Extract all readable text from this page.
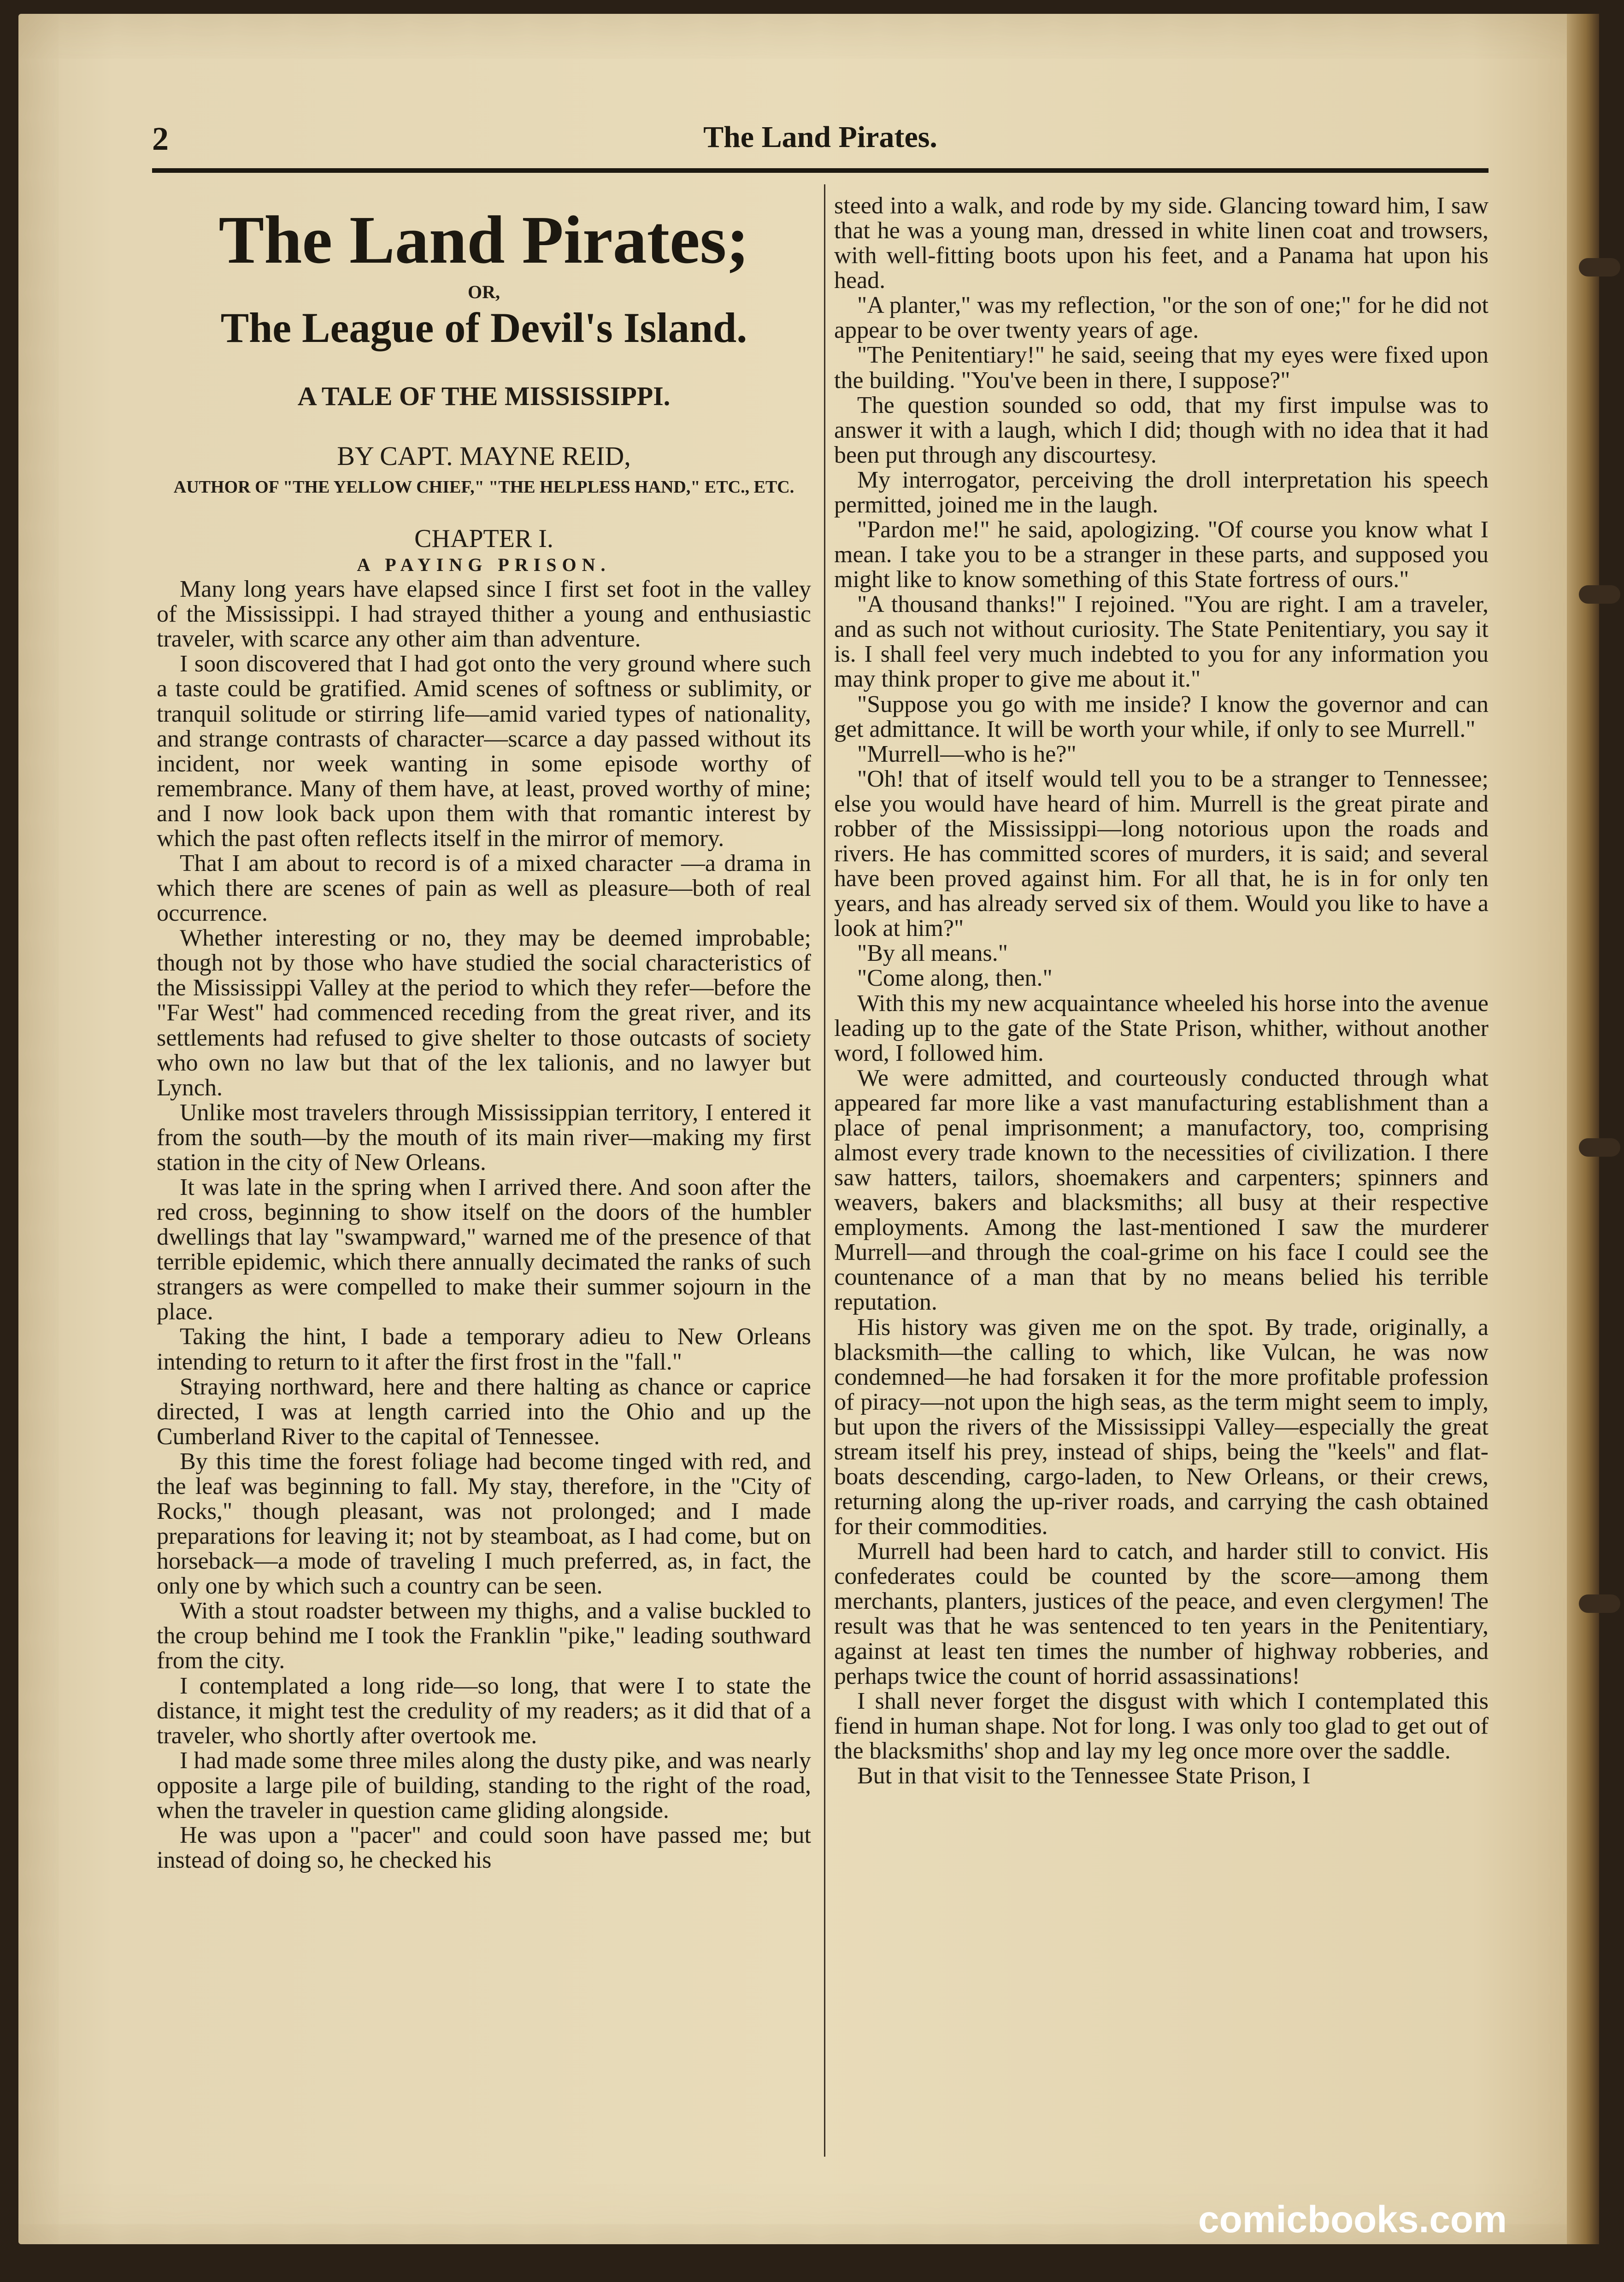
2	The Land Pirates.
The Land Pirates;
OR,
The League of Devil's Island.
A TALE OF THE MISSISSIPPI.
BY CAPT. MAYNE REID,
AUTHOR OF "THE YELLOW CHIEF," "THE HELPLESS HAND," ETC., ETC.
CHAPTER I.
A PAYING PRISON.

Many long years have elapsed since I first set foot in the valley of the Mississippi. I had strayed thither a young and enthusiastic traveler, with scarce any other aim than adventure.

I soon discovered that I had got onto the very ground where such a taste could be gratified. Amid scenes of softness or sublimity, or tranquil solitude or stirring life—amid varied types of nationality, and strange contrasts of character—scarce a day passed without its incident, nor week wanting in some episode worthy of remembrance. Many of them have, at least, proved worthy of mine; and I now look back upon them with that romantic interest by which the past often reflects itself in the mirror of memory.

That I am about to record is of a mixed character —a drama in which there are scenes of pain as well as pleasure—both of real occurrence.

Whether interesting or no, they may be deemed improbable; though not by those who have studied the social characteristics of the Mississippi Valley at the period to which they refer—before the "Far West" had commenced receding from the great river, and its settlements had refused to give shelter to those outcasts of society who own no law but that of the lex talionis, and no lawyer but Lynch.

Unlike most travelers through Mississippian territory, I entered it from the south—by the mouth of its main river—making my first station in the city of New Orleans.

It was late in the spring when I arrived there. And soon after the red cross, beginning to show itself on the doors of the humbler dwellings that lay "swampward," warned me of the presence of that terrible epidemic, which there annually decimated the ranks of such strangers as were compelled to make their summer sojourn in the place.

Taking the hint, I bade a temporary adieu to New Orleans intending to return to it after the first frost in the "fall."

Straying northward, here and there halting as chance or caprice directed, I was at length carried into the Ohio and up the Cumberland River to the capital of Tennessee.

By this time the forest foliage had become tinged with red, and the leaf was beginning to fall. My stay, therefore, in the "City of Rocks," though pleasant, was not prolonged; and I made preparations for leaving it; not by steamboat, as I had come, but on horseback—a mode of traveling I much preferred, as, in fact, the only one by which such a country can be seen.

With a stout roadster between my thighs, and a valise buckled to the croup behind me I took the Franklin "pike," leading southward from the city.

I contemplated a long ride—so long, that were I to state the distance, it might test the credulity of my readers; as it did that of a traveler, who shortly after overtook me.

I had made some three miles along the dusty pike, and was nearly opposite a large pile of building, standing to the right of the road, when the traveler in question came gliding alongside.

He was upon a "pacer" and could soon have passed me; but instead of doing so, he checked his

steed into a walk, and rode by my side. Glancing toward him, I saw that he was a young man, dressed in white linen coat and trowsers, with well-fitting boots upon his feet, and a Panama hat upon his head.

"A planter," was my reflection, "or the son of one;" for he did not appear to be over twenty years of age.

"The Penitentiary!" he said, seeing that my eyes were fixed upon the building. "You've been in there, I suppose?"

The question sounded so odd, that my first impulse was to answer it with a laugh, which I did; though with no idea that it had been put through any discourtesy.

My interrogator, perceiving the droll interpretation his speech permitted, joined me in the laugh.

"Pardon me!" he said, apologizing. "Of course you know what I mean. I take you to be a stranger in these parts, and supposed you might like to know something of this State fortress of ours."

"A thousand thanks!" I rejoined. "You are right. I am a traveler, and as such not without curiosity. The State Penitentiary, you say it is. I shall feel very much indebted to you for any information you may think proper to give me about it."

"Suppose you go with me inside? I know the governor and can get admittance. It will be worth your while, if only to see Murrell."

"Murrell—who is he?"

"Oh! that of itself would tell you to be a stranger to Tennessee; else you would have heard of him. Murrell is the great pirate and robber of the Mississippi—long notorious upon the roads and rivers. He has committed scores of murders, it is said; and several have been proved against him. For all that, he is in for only ten years, and has already served six of them. Would you like to have a look at him?"

"By all means."

"Come along, then."

With this my new acquaintance wheeled his horse into the avenue leading up to the gate of the State Prison, whither, without another word, I followed him.

We were admitted, and courteously conducted through what appeared far more like a vast manufacturing establishment than a place of penal imprisonment; a manufactory, too, comprising almost every trade known to the necessities of civilization. I there saw hatters, tailors, shoemakers and carpenters; spinners and weavers, bakers and blacksmiths; all busy at their respective employments. Among the last-mentioned I saw the murderer Murrell—and through the coal-grime on his face I could see the countenance of a man that by no means belied his terrible reputation.

His history was given me on the spot. By trade, originally, a blacksmith—the calling to which, like Vulcan, he was now condemned—he had forsaken it for the more profitable profession of piracy—not upon the high seas, as the term might seem to imply, but upon the rivers of the Mississippi Valley—especially the great stream itself his prey, instead of ships, being the "keels" and flat-boats descending, cargo-laden, to New Orleans, or their crews, returning along the up-river roads, and carrying the cash obtained for their commodities.

Murrell had been hard to catch, and harder still to convict. His confederates could be counted by the score—among them merchants, planters, justices of the peace, and even clergymen! The result was that he was sentenced to ten years in the Penitentiary, against at least ten times the number of highway robberies, and perhaps twice the count of horrid assassinations!

I shall never forget the disgust with which I contemplated this fiend in human shape. Not for long. I was only too glad to get out of the blacksmiths' shop and lay my leg once more over the saddle.

But in that visit to the Tennessee State Prison, I

comicbooks.com
